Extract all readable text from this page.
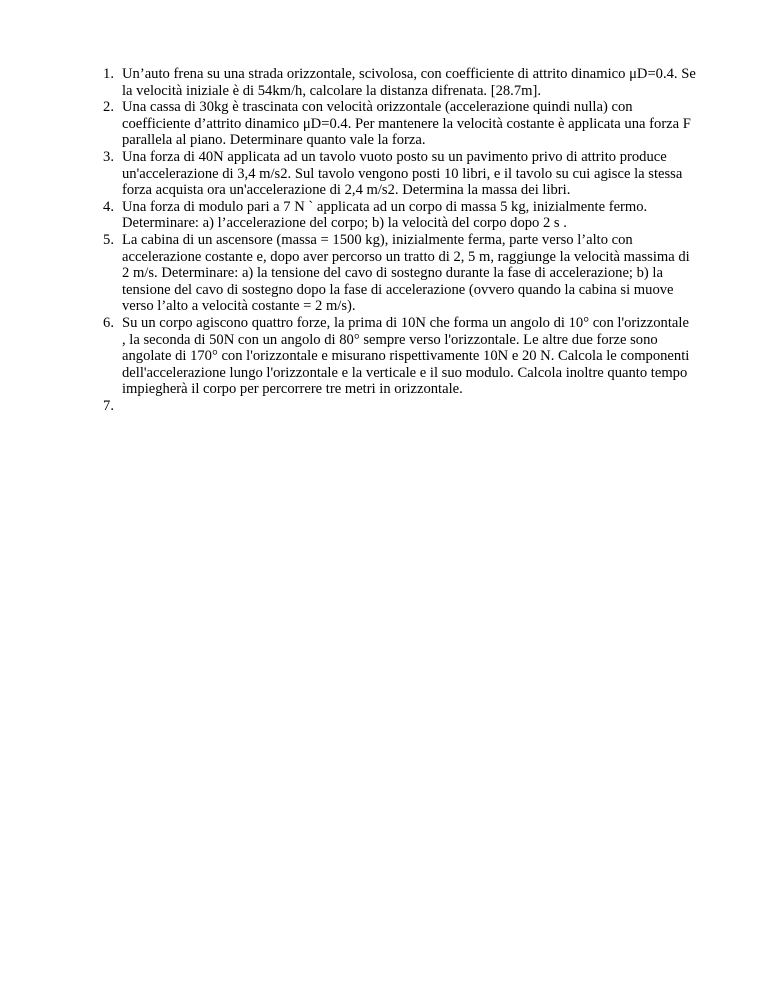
1. Un’auto frena su una strada orizzontale, scivolosa, con coefficiente di attrito dinamico μD=0.4. Se la velocità iniziale è di 54km/h, calcolare la distanza difrenata. [28.7m].
2. Una cassa di 30kg è trascinata con velocità orizzontale (accelerazione quindi nulla) con coefficiente d’attrito dinamico μD=0.4. Per mantenere la velocità costante è applicata una forza F parallela al piano. Determinare quanto vale la forza.
3. Una forza di 40N applicata ad un tavolo vuoto posto su un pavimento privo di attrito produce un'accelerazione di 3,4 m/s2. Sul tavolo vengono posti 10 libri, e il tavolo su cui agisce la stessa forza acquista ora un'accelerazione di 2,4 m/s2. Determina la massa dei libri.
4. Una forza di modulo pari a 7 N ` applicata ad un corpo di massa 5 kg, inizialmente fermo. Determinare: a) l’accelerazione del corpo; b) la velocità del corpo dopo 2 s .
5. La cabina di un ascensore (massa = 1500 kg), inizialmente ferma, parte verso l’alto con accelerazione costante e, dopo aver percorso un tratto di 2, 5 m, raggiunge la velocità massima di 2 m/s. Determinare: a) la tensione del cavo di sostegno durante la fase di accelerazione; b) la tensione del cavo di sostegno dopo la fase di accelerazione (ovvero quando la cabina si muove verso l’alto a velocità costante = 2 m/s).
6. Su un corpo agiscono quattro forze, la prima di 10N che forma un angolo di 10° con l'orizzontale , la seconda di 50N con un angolo di 80° sempre verso l'orizzontale. Le altre due forze sono angolate di 170° con l'orizzontale e misurano rispettivamente 10N e 20 N. Calcola le componenti dell'accelerazione lungo l'orizzontale e la verticale e il suo modulo. Calcola inoltre quanto tempo impiegherà il corpo per percorrere tre metri in orizzontale.
7.
